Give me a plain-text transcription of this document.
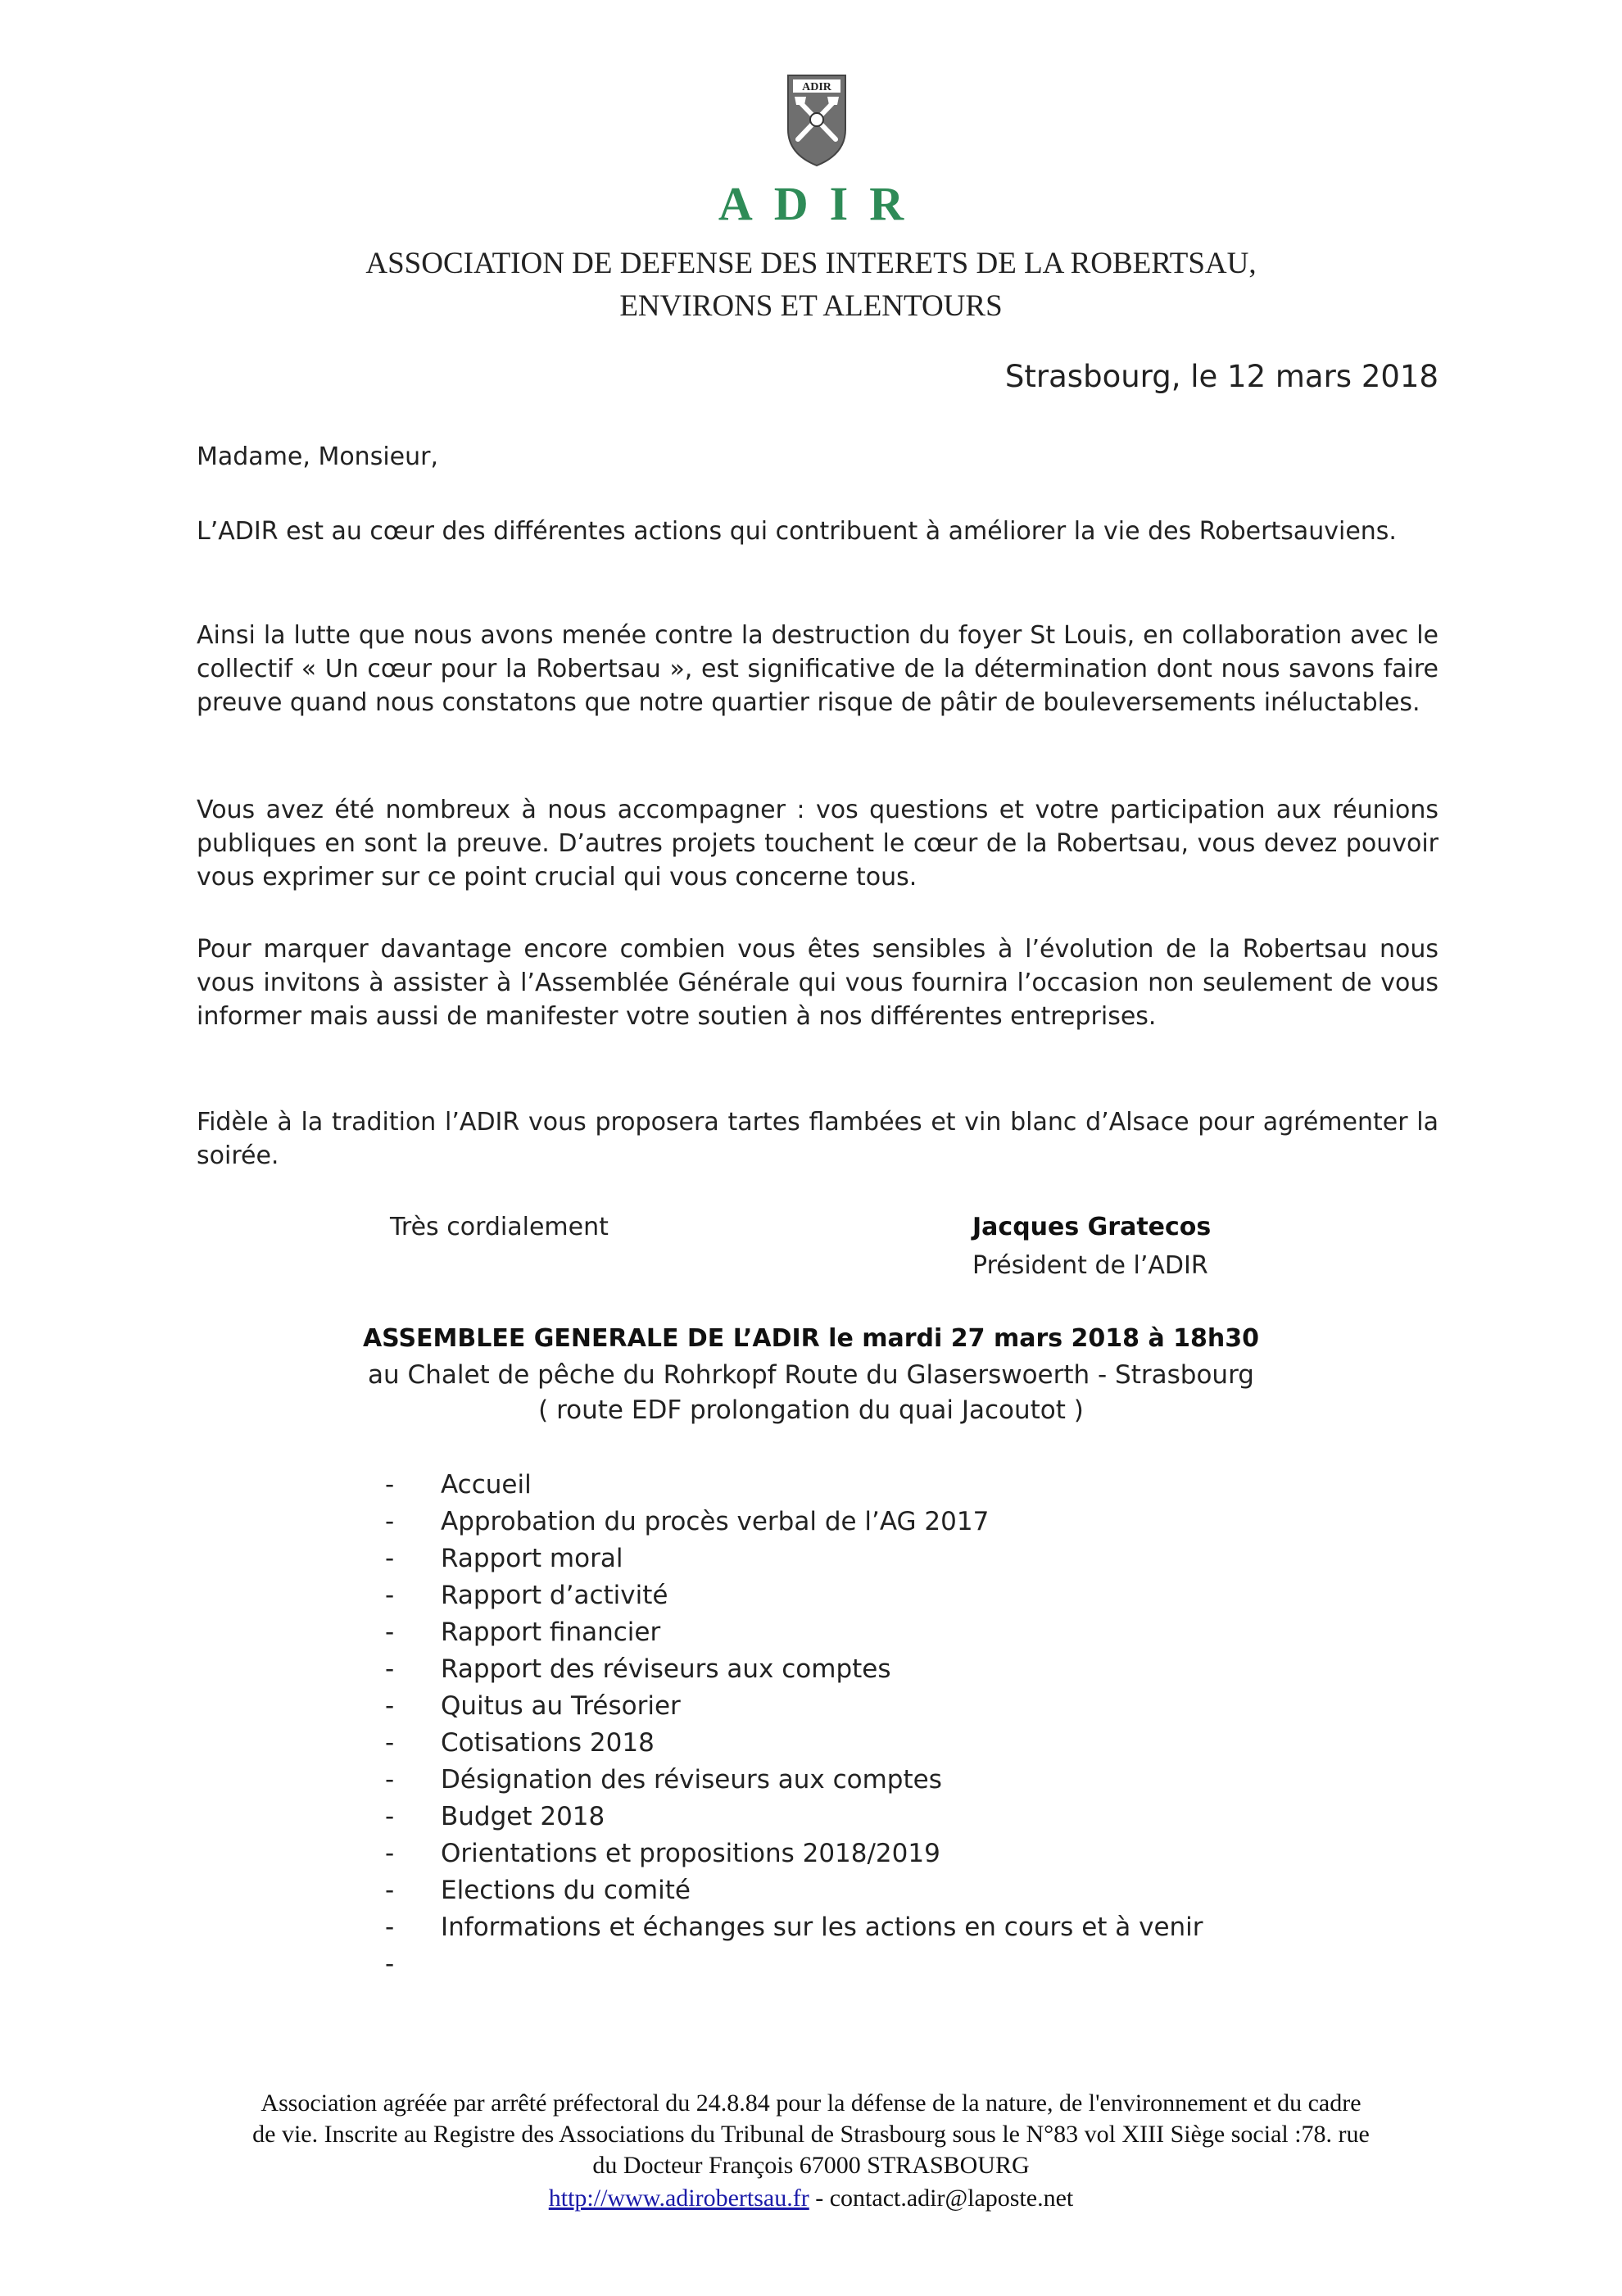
ADIR
ADIR
ASSOCIATION DE DEFENSE DES INTERETS DE LA ROBERTSAU,
ENVIRONS ET ALENTOURS
Strasbourg, le 12 mars 2018
Madame, Monsieur,
L’ADIR est au cœur des différentes actions qui contribuent à améliorer la vie des Robertsauviens.
Ainsi la lutte que nous avons menée contre la destruction du foyer St Louis, en collaboration avec le collectif « Un cœur pour la Robertsau », est significative de la détermination dont nous savons faire preuve quand nous constatons que notre quartier risque de pâtir de bouleversements inéluctables.
Vous avez été nombreux à nous accompagner : vos questions et votre participation aux réunions publiques en sont la preuve. D’autres projets touchent le cœur de la Robertsau, vous devez pouvoir vous exprimer sur ce point crucial qui vous concerne tous.
Pour marquer davantage encore combien vous êtes sensibles à l’évolution de la Robertsau nous vous invitons à assister à l’Assemblée Générale qui vous fournira l’occasion non seulement de vous informer mais aussi de manifester votre soutien à nos différentes entreprises.
Fidèle à la tradition l’ADIR vous proposera tartes flambées et vin blanc d’Alsace pour agrémenter la soirée.
Très cordialement	Jacques Gratecos
Président de l’ADIR
ASSEMBLEE GENERALE DE L’ADIR le mardi 27 mars 2018 à 18h30
au Chalet de pêche du Rohrkopf Route du Glaserswoerth - Strasbourg
( route EDF prolongation du quai Jacoutot )
-	Accueil
-	Approbation du procès verbal de l’AG 2017
-	Rapport moral
-	Rapport d’activité
-	Rapport financier
-	Rapport des réviseurs aux comptes
-	Quitus au Trésorier
-	Cotisations 2018
-	Désignation des réviseurs aux comptes
-	Budget 2018
-	Orientations et propositions 2018/2019
-	Elections du comité
-	Informations et échanges sur les actions en cours et à venir
-
Association agréée par arrêté préfectoral du 24.8.84 pour la défense de la nature, de l'environnement et du cadre
de vie. Inscrite au Registre des Associations du Tribunal de Strasbourg sous le N°83 vol XIII Siège social :78. rue
du Docteur François 67000 STRASBOURG
http://www.adirobertsau.fr - contact.adir@laposte.net
